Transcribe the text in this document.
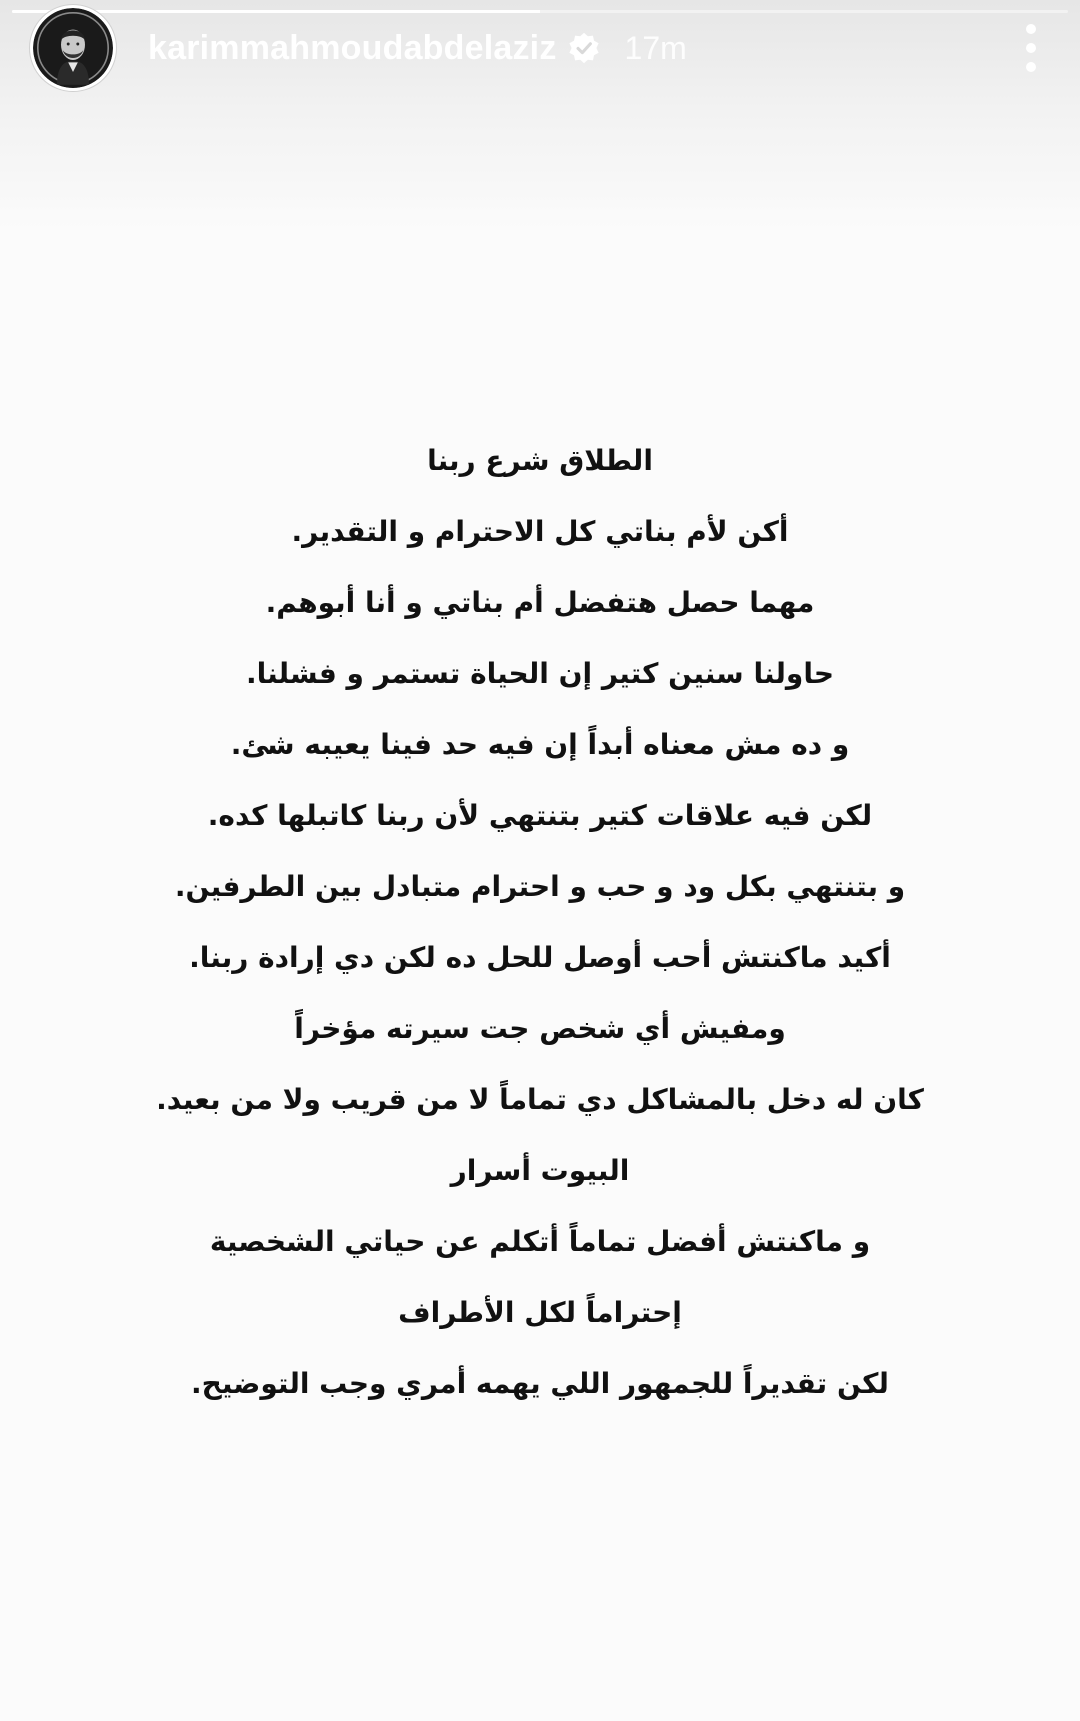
karimmahmoudabdelaziz 17m

الطلاق شرع ربنا

أكن لأم بناتي كل الاحترام و التقدير.

مهما حصل هتفضل أم بناتي و أنا أبوهم.

حاولنا سنين كتير إن الحياة تستمر و فشلنا.

و ده مش معناه أبداً إن فيه حد فينا يعيبه شئ.

لكن فيه علاقات كتير بتنتهي لأن ربنا كاتبلها كده.

و بتنتهي بكل ود و حب و احترام متبادل بين الطرفين.

أكيد ماكنتش أحب أوصل للحل ده لكن دي إرادة ربنا.

ومفيش أي شخص جت سيرته مؤخراً

كان له دخل بالمشاكل دي تماماً لا من قريب ولا من بعيد.

البيوت أسرار

و ماكنتش أفضل تماماً أتكلم عن حياتي الشخصية

إحتراماً لكل الأطراف

لكن تقديراً للجمهور اللي يهمه أمري وجب التوضيح.
